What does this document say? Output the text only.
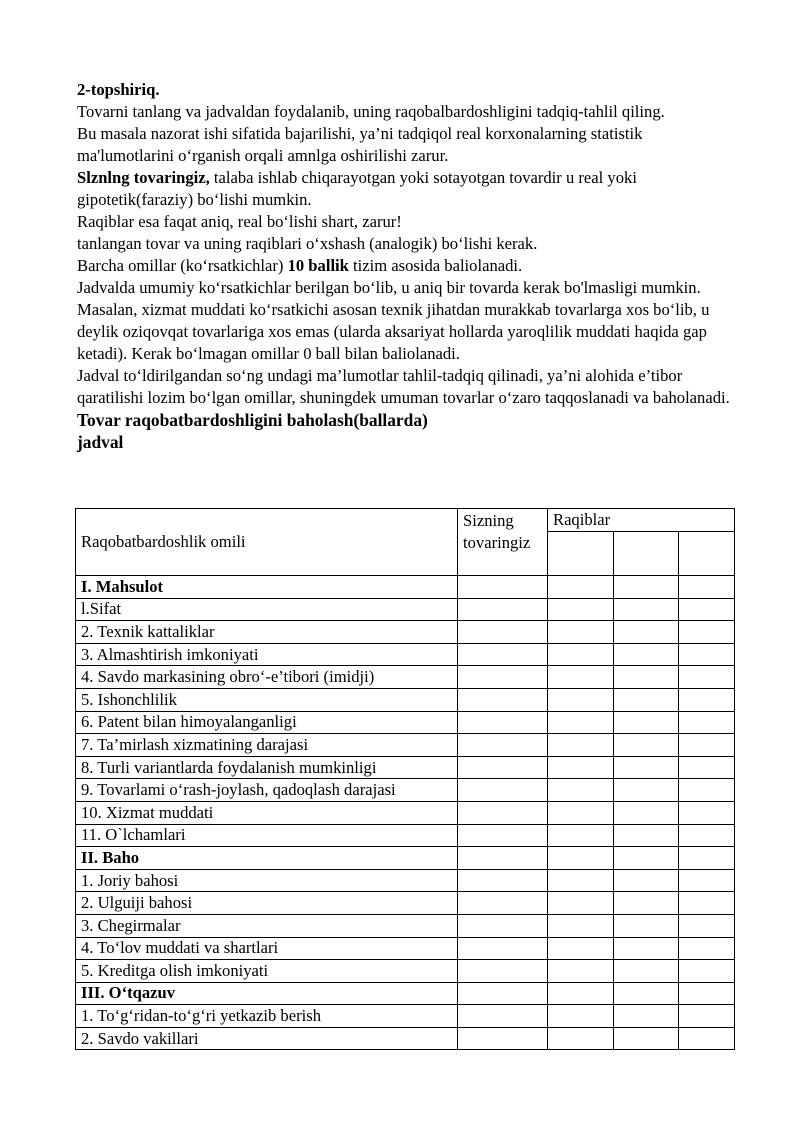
2-topshiriq.

Tovarni tanlang va jadvaldan foydalanib, uning raqobalbardoshligini tadqiq-tahlil qiling.

Bu masala nazorat ishi sifatida bajarilishi, ya’ni tadqiqol real korxonalarning statistik ma'lumotlarini o‘rganish orqali amnlga oshirilishi zarur.

Slznlng tovaringiz, talaba ishlab chiqarayotgan yoki sotayotgan tovardir u real yoki gipotetik(faraziy) bo‘lishi mumkin.

Raqiblar esa faqat aniq, real bo‘lishi shart, zarur!

tanlangan tovar va uning raqiblari o‘xshash (analogik) bo‘lishi kerak.

Barcha omillar (ko‘rsatkichlar) 10 ballik tizim asosida baliolanadi.

Jadvalda umumiy ko‘rsatkichlar berilgan bo‘lib, u aniq bir tovarda kerak bo'lmasligi mumkin. Masalan, xizmat muddati ko‘rsatkichi asosan texnik jihatdan murakkab tovarlarga xos bo‘lib, u deylik oziqovqat tovarlariga xos emas (ularda aksariyat hollarda yaroqlilik muddati haqida gap ketadi). Kerak bo‘lmagan omillar 0 ball bilan baliolanadi.

Jadval to‘ldirilgandan so‘ng undagi ma’lumotlar tahlil-tadqiq qilinadi, ya’ni alohida e’tibor qaratilishi lozim bo‘lgan omillar, shuningdek umuman tovarlar o‘zaro taqqoslanadi va baholanadi.

Tovar raqobatbardoshligini baholash(ballarda)

jadval

Raqobatbardoshlik omili	Sizning tovaringiz	Raqiblar		

I. Mahsulot				
l.Sifat				
2. Texnik kattaliklar				
3. Almashtirish imkoniyati				
4. Savdo markasining obro‘-e’tibori (imidji)				
5. Ishonchlilik				
6. Patent bilan himoyalanganligi				
7. Ta’mirlash xizmatining darajasi				
8. Turli variantlarda foydalanish mumkinligi				
9. Tovarlami o‘rash-joylash, qadoqlash darajasi				
10. Xizmat muddati				
11. O`lchamlari				
II. Baho				
1. Joriy bahosi				
2. Ulguiji bahosi				
3. Chegirmalar				
4. To‘lov muddati va shartlari				
5. Kreditga olish imkoniyati				
III. O‘tqazuv				
1. To‘g‘ridan-to‘g‘ri yetkazib berish				
2. Savdo vakillari				
